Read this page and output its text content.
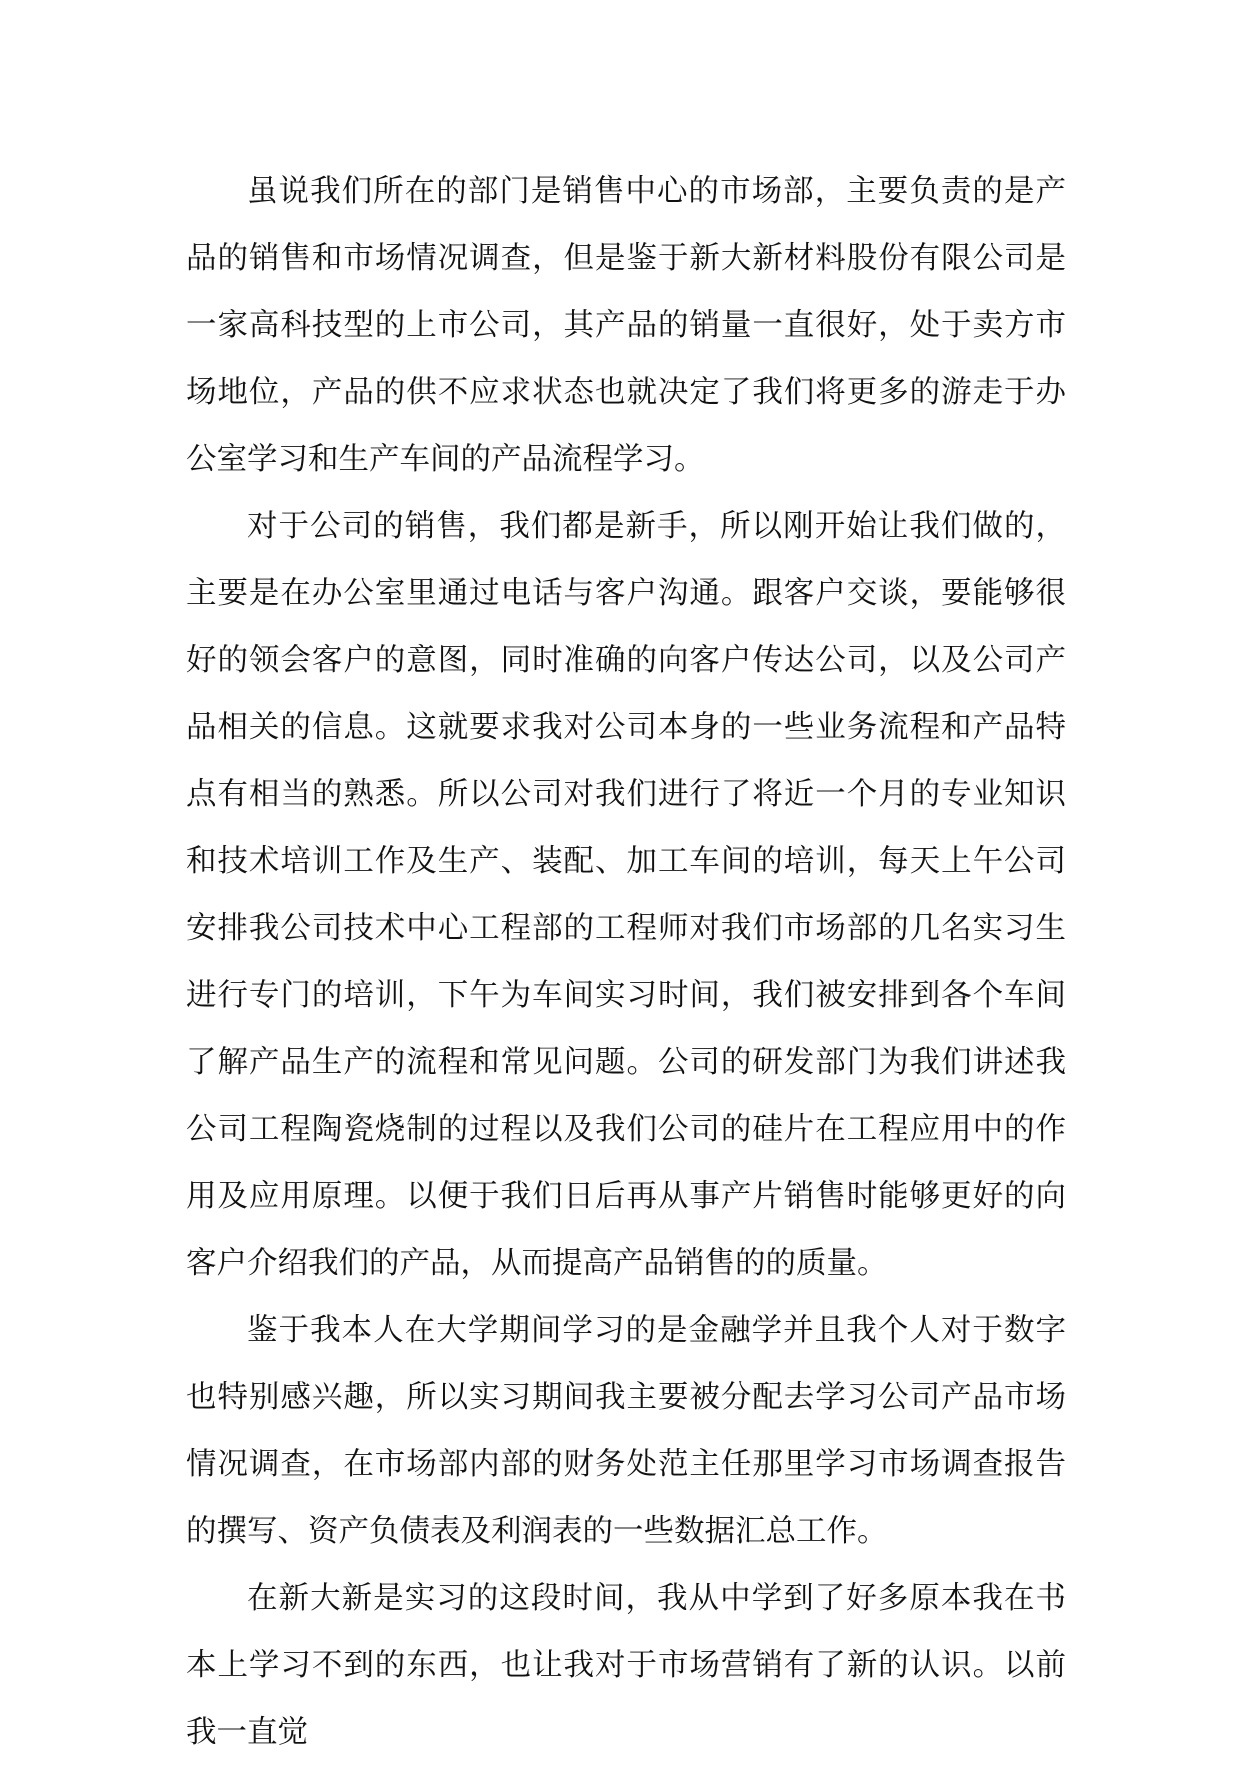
虽说我们所在的部门是销售中心的市场部，主要负责的是产品的销售和市场情况调查，但是鉴于新大新材料股份有限公司是一家高科技型的上市公司，其产品的销量一直很好，处于卖方市场地位，产品的供不应求状态也就决定了我们将更多的游走于办公室学习和生产车间的产品流程学习。

对于公司的销售，我们都是新手，所以刚开始让我们做的，主要是在办公室里通过电话与客户沟通。跟客户交谈，要能够很好的领会客户的意图，同时准确的向客户传达公司，以及公司产品相关的信息。这就要求我对公司本身的一些业务流程和产品特点有相当的熟悉。所以公司对我们进行了将近一个月的专业知识和技术培训工作及生产、装配、加工车间的培训，每天上午公司安排我公司技术中心工程部的工程师对我们市场部的几名实习生进行专门的培训，下午为车间实习时间，我们被安排到各个车间了解产品生产的流程和常见问题。公司的研发部门为我们讲述我公司工程陶瓷烧制的过程以及我们公司的硅片在工程应用中的作用及应用原理。以便于我们日后再从事产片销售时能够更好的向客户介绍我们的产品，从而提高产品销售的的质量。

鉴于我本人在大学期间学习的是金融学并且我个人对于数字也特别感兴趣，所以实习期间我主要被分配去学习公司产品市场情况调查，在市场部内部的财务处范主任那里学习市场调查报告的撰写、资产负债表及利润表的一些数据汇总工作。

在新大新是实习的这段时间，我从中学到了好多原本我在书本上学习不到的东西，也让我对于市场营销有了新的认识。以前我一直觉
